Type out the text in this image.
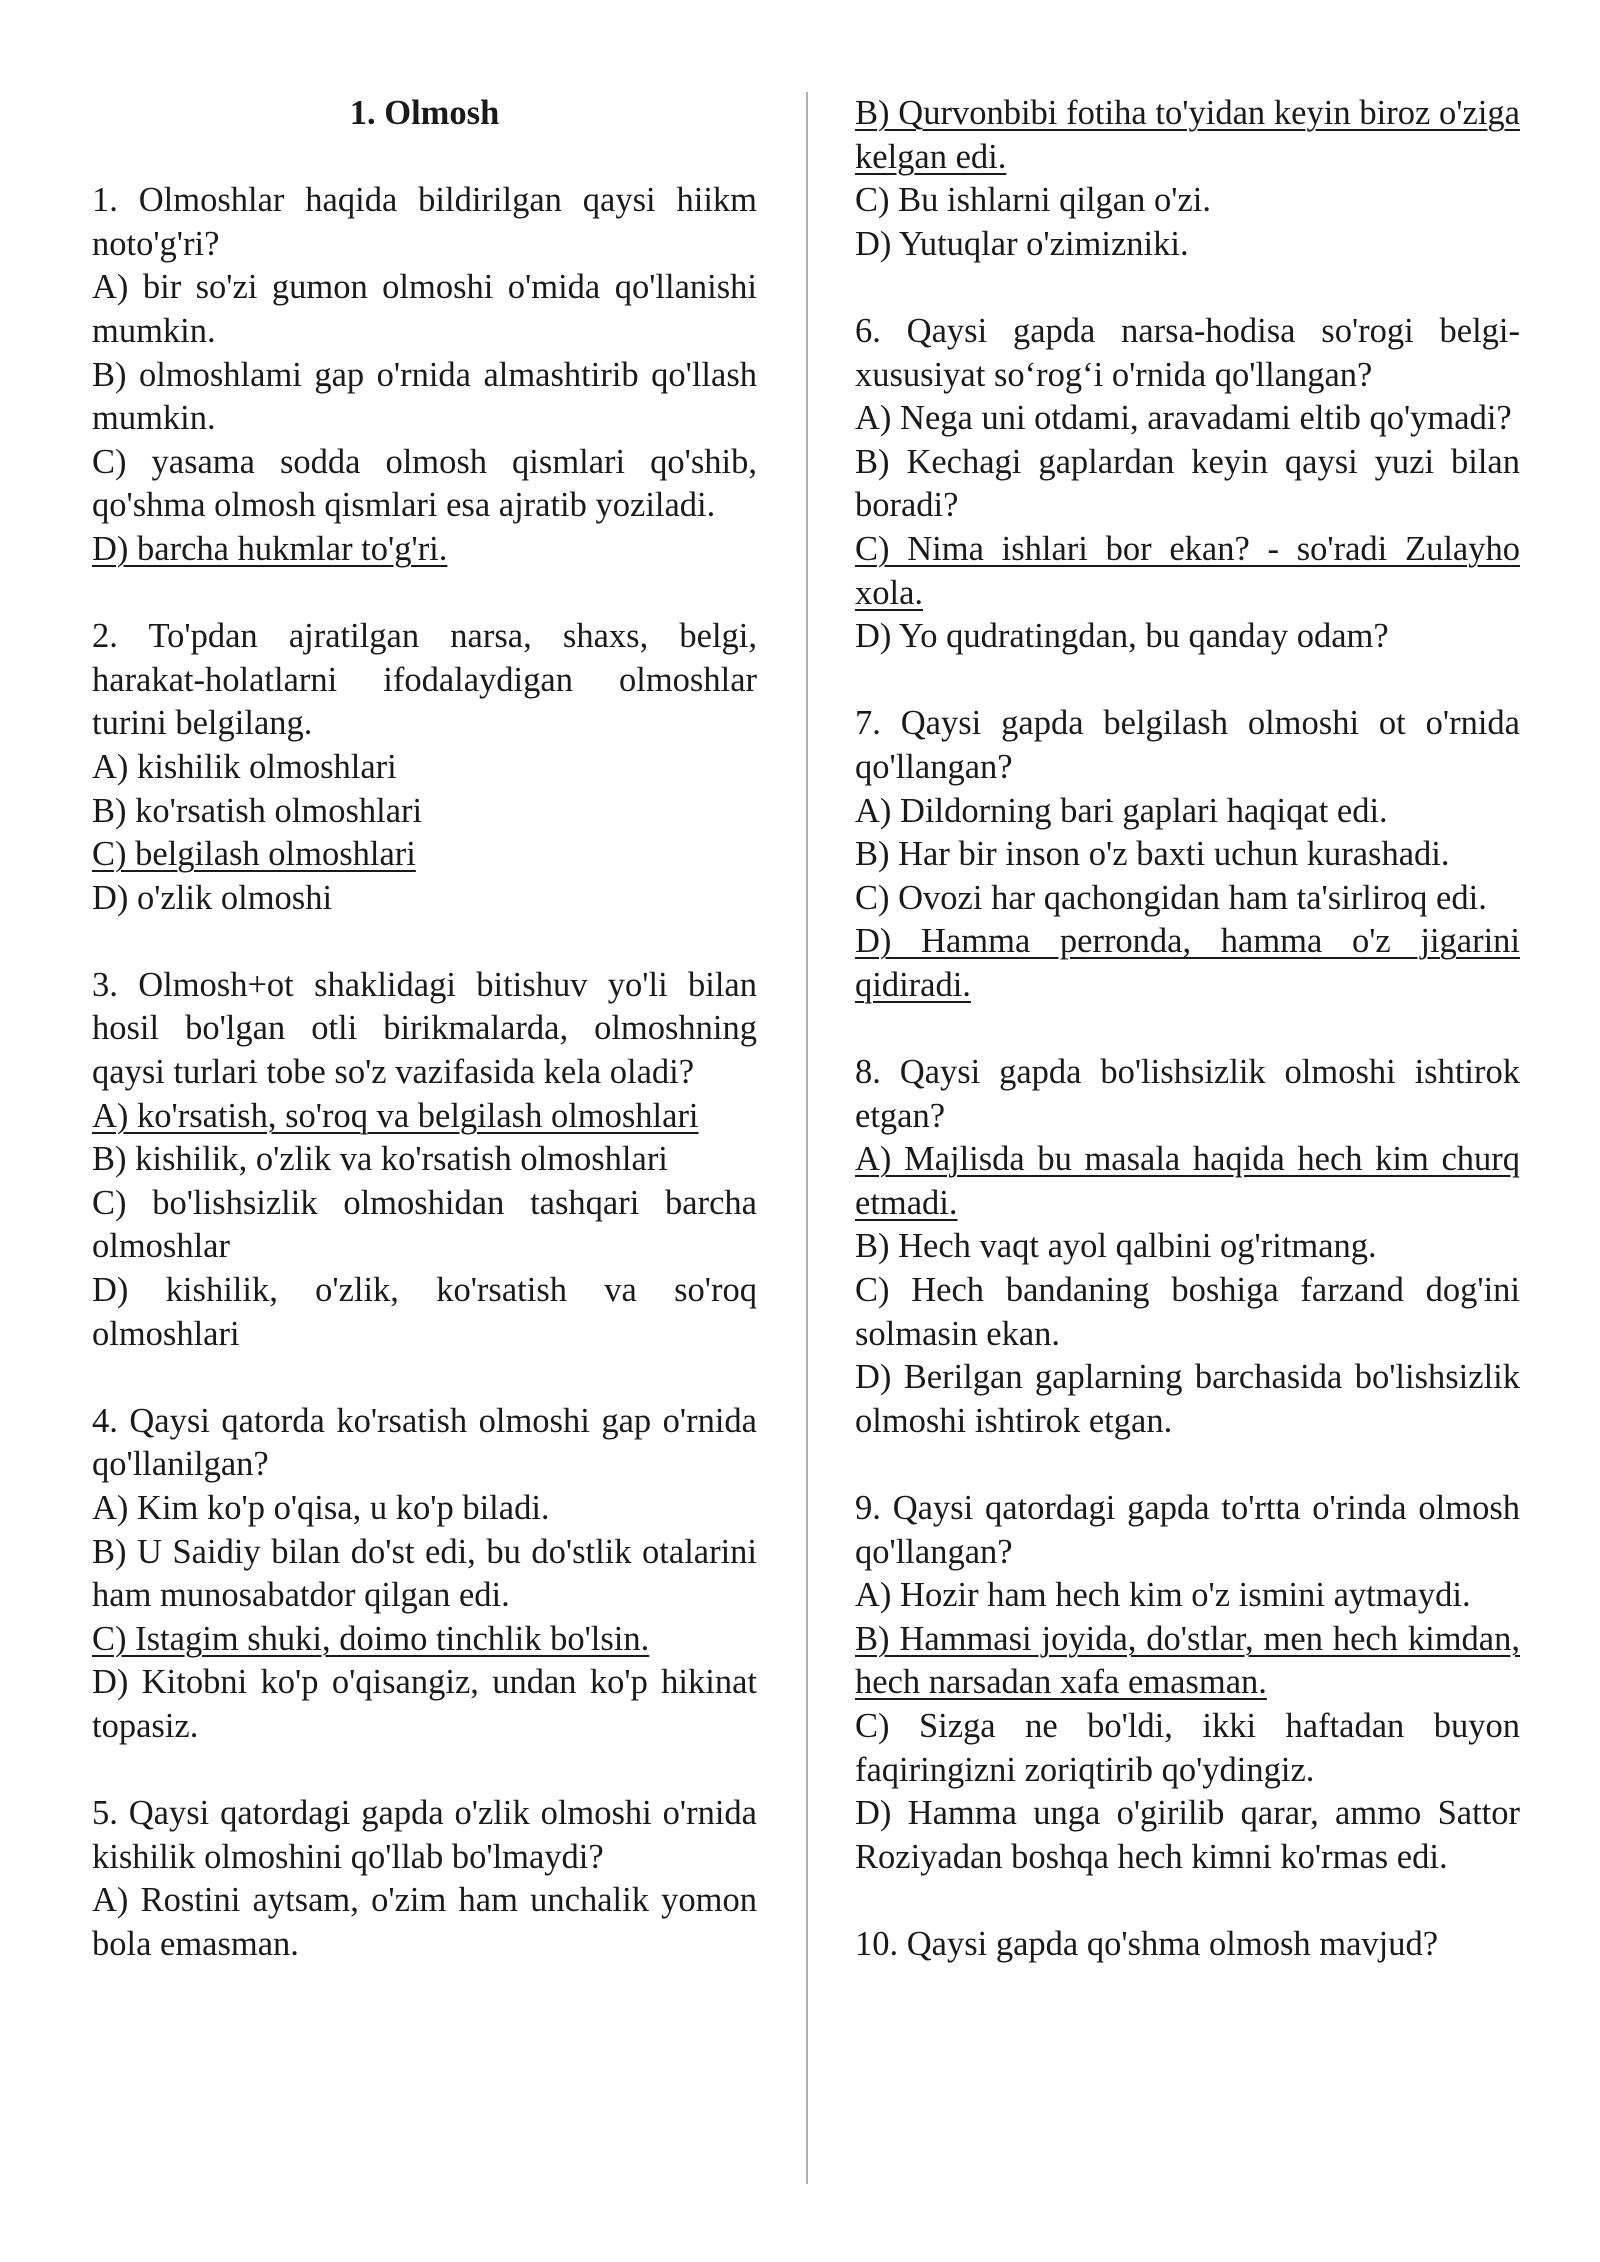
1. Olmosh

1. Olmoshlar haqida bildirilgan qaysi hiikm noto'g'ri?

A) bir so'zi gumon olmoshi o'mida qo'llanishi mumkin.

B) olmoshlami gap o'rnida almashtirib qo'llash mumkin.

C) yasama sodda olmosh qismlari qo'shib, qo'shma olmosh qismlari esa ajratib yoziladi.

D) barcha hukmlar to'g'ri.

2. To'pdan ajratilgan narsa, shaxs, belgi, harakat-holatlarni ifodalaydigan olmoshlar turini belgilang.

A) kishilik olmoshlari

B) ko'rsatish olmoshlari

C) belgilash olmoshlari

D) o'zlik olmoshi

3. Olmosh+ot shaklidagi bitishuv yo'li bilan hosil bo'lgan otli birikmalarda, olmoshning qaysi turlari tobe so'z vazifasida kela oladi?

A) ko'rsatish, so'roq va belgilash olmoshlari

B) kishilik, o'zlik va ko'rsatish olmoshlari

C) bo'lishsizlik olmoshidan tashqari barcha olmoshlar

D) kishilik, o'zlik, ko'rsatish va so'roq olmoshlari

4. Qaysi qatorda ko'rsatish olmoshi gap o'rnida qo'llanilgan?

A) Kim ko'p o'qisa, u ko'p biladi.

B) U Saidiy bilan do'st edi, bu do'stlik otalarini ham munosabatdor qilgan edi.

C) Istagim shuki, doimo tinchlik bo'lsin.

D) Kitobni ko'p o'qisangiz, undan ko'p hikinat topasiz.

5. Qaysi qatordagi gapda o'zlik olmoshi o'rnida kishilik olmoshini qo'llab bo'lmaydi?

A) Rostini aytsam, o'zim ham unchalik yomon bola emasman.

B) Qurvonbibi fotiha to'yidan keyin biroz o'ziga kelgan edi.

C) Bu ishlarni qilgan o'zi.

D) Yutuqlar o'zimizniki.

6. Qaysi gapda narsa-hodisa so'rogi belgi-xususiyat so‘rog‘i o'rnida qo'llangan?

A) Nega uni otdami, aravadami eltib qo'ymadi?

B) Kechagi gaplardan keyin qaysi yuzi bilan boradi?

C) Nima ishlari bor ekan? - so'radi Zulayho xola.

D) Yo qudratingdan, bu qanday odam?

7. Qaysi gapda belgilash olmoshi ot o'rnida qo'llangan?

A) Dildorning bari gaplari haqiqat edi.

B) Har bir inson o'z baxti uchun kurashadi.

C) Ovozi har qachongidan ham ta'sirliroq edi.

D) Hamma perronda, hamma o'z jigarini qidiradi.

8. Qaysi gapda bo'lishsizlik olmoshi ishtirok etgan?

A) Majlisda bu masala haqida hech kim churq etmadi.

B) Hech vaqt ayol qalbini og'ritmang.

C) Hech bandaning boshiga farzand dog'ini solmasin ekan.

D) Berilgan gaplarning barchasida bo'lishsizlik olmoshi ishtirok etgan.

9. Qaysi qatordagi gapda to'rtta o'rinda olmosh qo'llangan?

A) Hozir ham hech kim o'z ismini aytmaydi.

B) Hammasi joyida, do'stlar, men hech kimdan, hech narsadan xafa emasman.

C) Sizga ne bo'ldi, ikki haftadan buyon faqiringizni zoriqtirib qo'ydingiz.

D) Hamma unga o'girilib qarar, ammo Sattor Roziyadan boshqa hech kimni ko'rmas edi.

10. Qaysi gapda qo'shma olmosh mavjud?
